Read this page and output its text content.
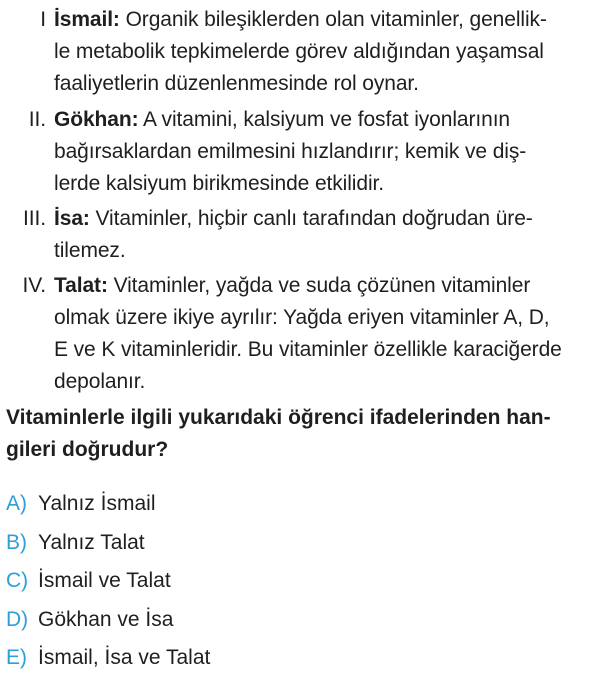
I İsmail: Organik bileşiklerden olan vitaminler, genellik-
le metabolik tepkimelerde görev aldığından yaşamsal
faaliyetlerin düzenlenmesinde rol oynar.
II. Gökhan: A vitamini, kalsiyum ve fosfat iyonlarının
bağırsaklardan emilmesini hızlandırır; kemik ve diş-
lerde kalsiyum birikmesinde etkilidir.
III. İsa: Vitaminler, hiçbir canlı tarafından doğrudan üre-
tilemez.
IV. Talat: Vitaminler, yağda ve suda çözünen vitaminler
olmak üzere ikiye ayrılır: Yağda eriyen vitaminler A, D,
E ve K vitaminleridir. Bu vitaminler özellikle karaciğerde
depolanır.
Vitaminlerle ilgili yukarıdaki öğrenci ifadelerinden han-
gileri doğrudur?
A) Yalnız İsmail
B) Yalnız Talat
C) İsmail ve Talat
D) Gökhan ve İsa
E) İsmail, İsa ve Talat
